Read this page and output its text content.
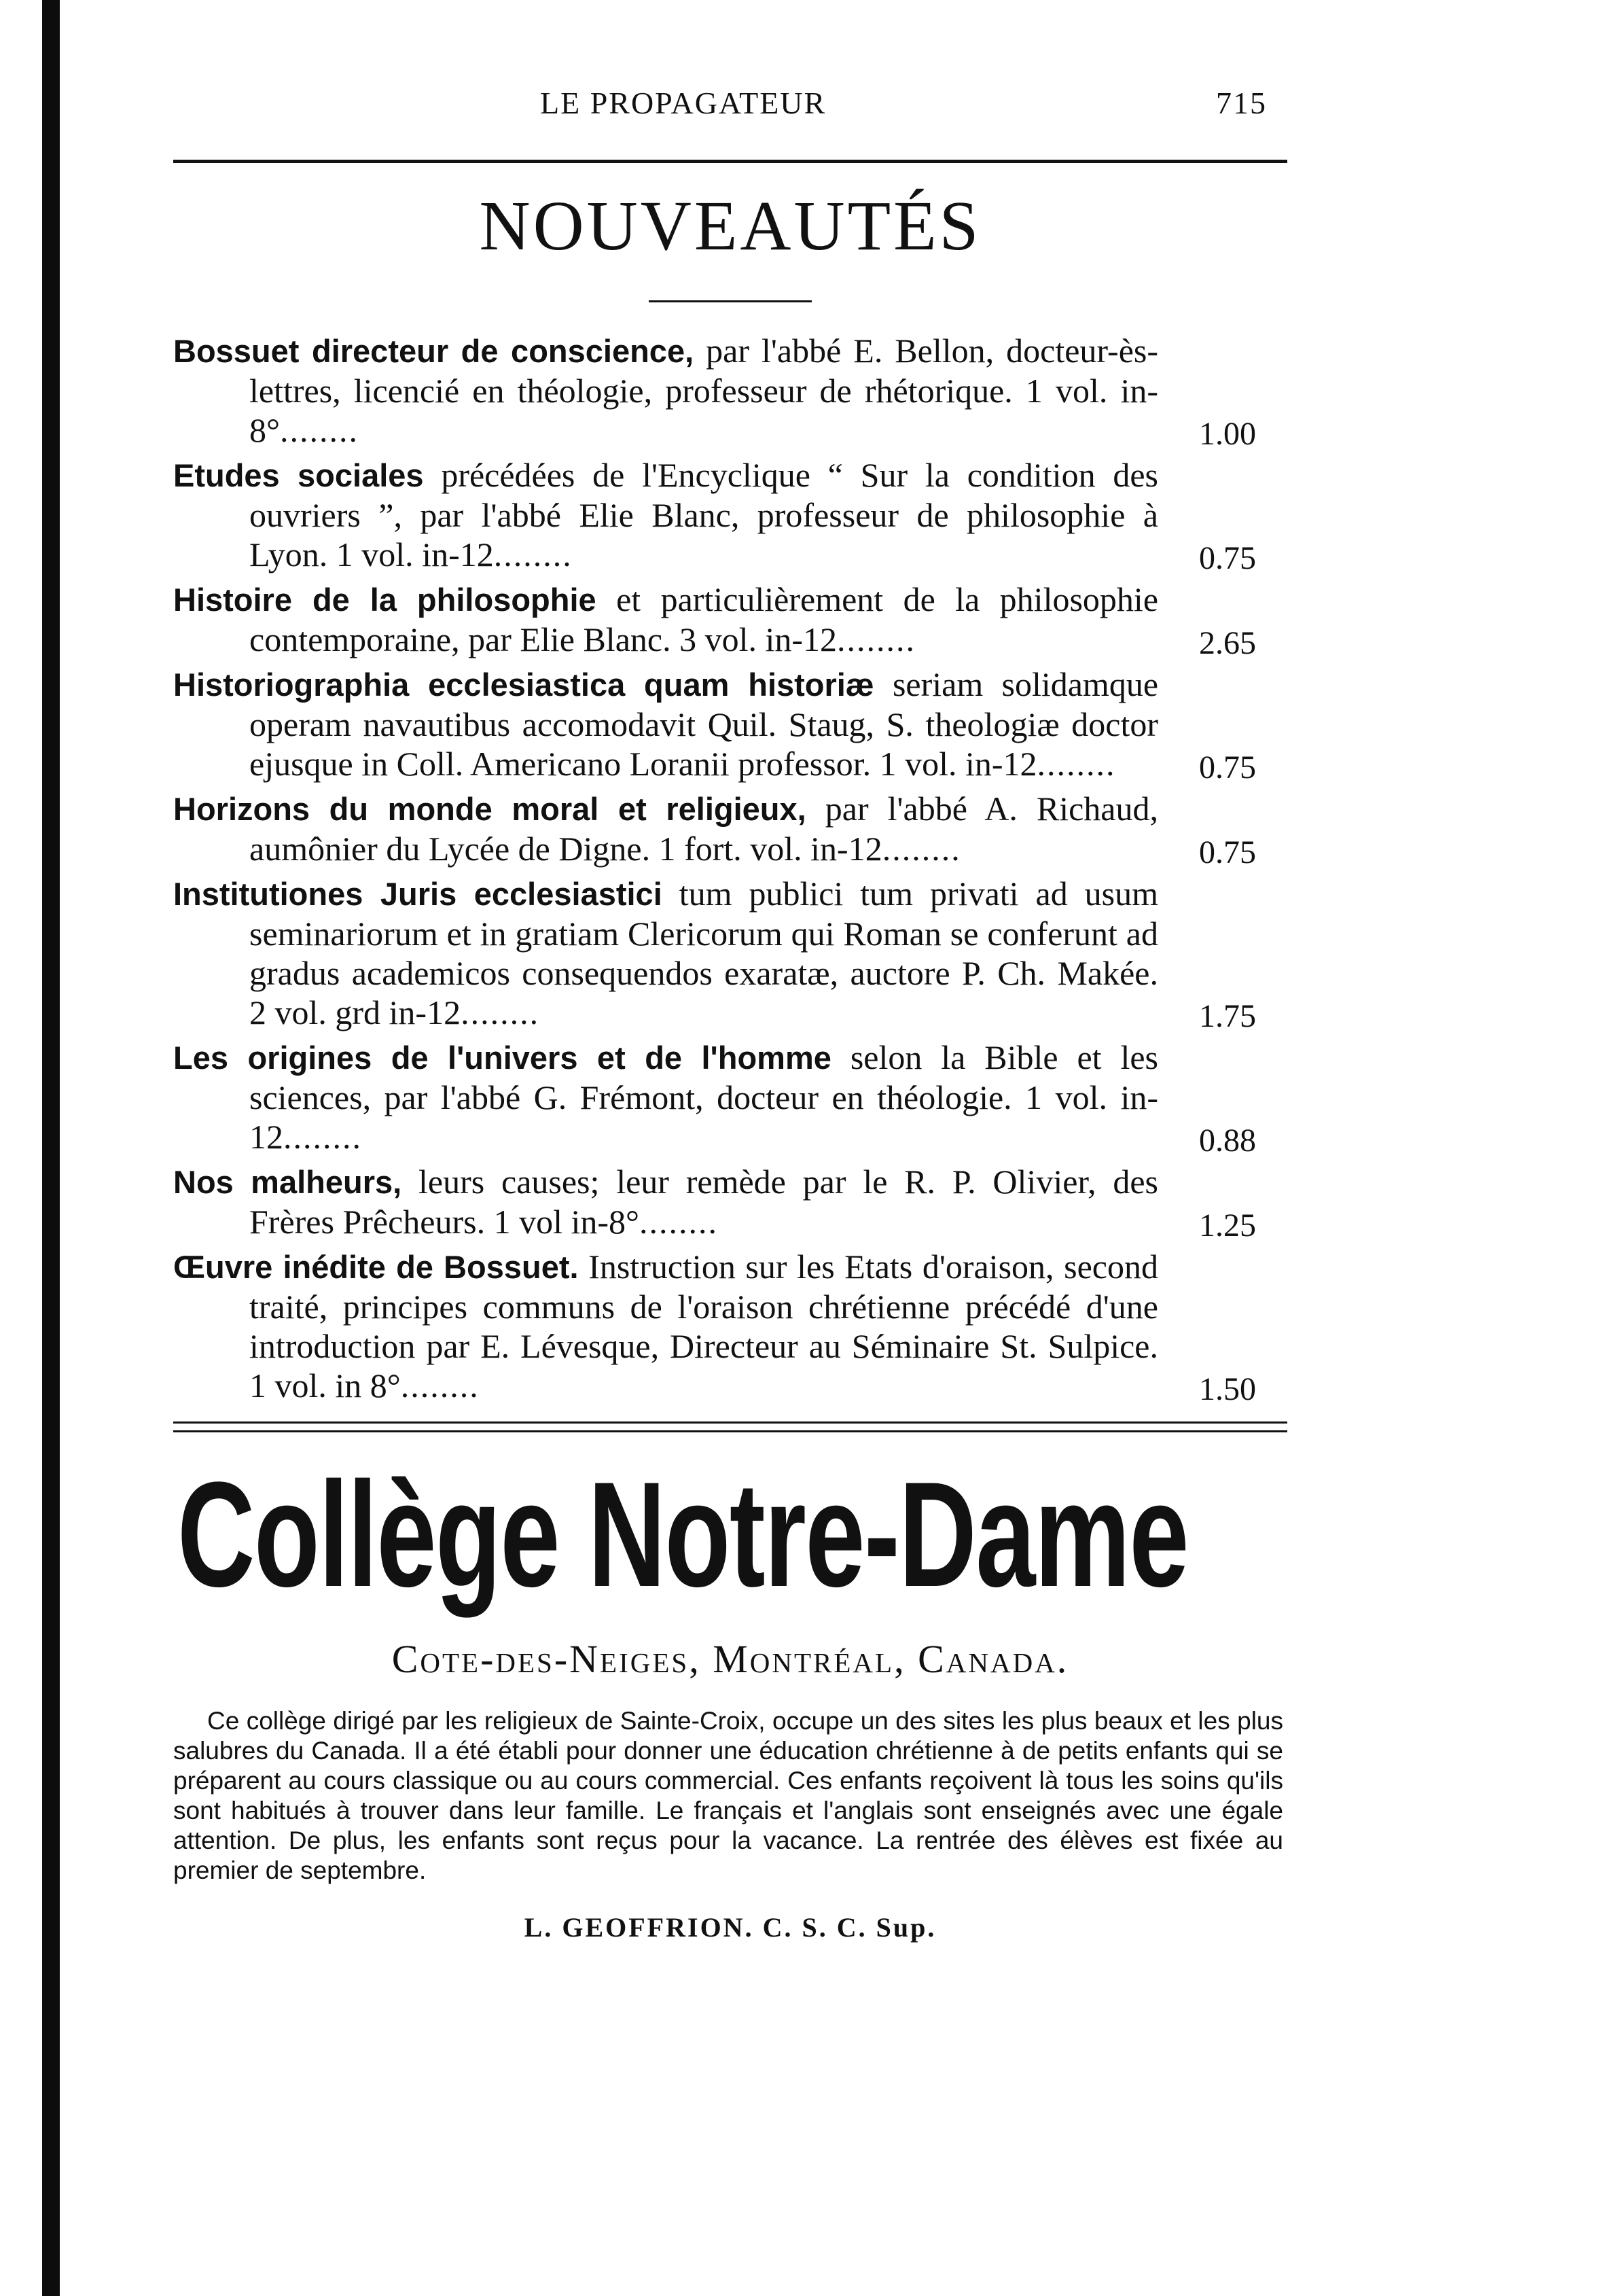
LE PROPAGATEUR	715
NOUVEAUTÉS
Bossuet directeur de conscience, par l'abbé E. Bellon, docteur-ès-lettres, licencié en théologie, professeur de rhétorique. 1 vol. in-8°........	1.00
Etudes sociales précédées de l'Encyclique “ Sur la condition des ouvriers ”, par l'abbé Elie Blanc, professeur de philosophie à Lyon. 1 vol. in-12........	0.75
Histoire de la philosophie et particulièrement de la philosophie contemporaine, par Elie Blanc. 3 vol. in-12........	2.65
Historiographia ecclesiastica quam historiæ seriam solidamque operam navautibus accomodavit Quil. Staug, S. theologiæ doctor ejusque in Coll. Americano Loranii professor. 1 vol. in-12........	0.75
Horizons du monde moral et religieux, par l'abbé A. Richaud, aumônier du Lycée de Digne. 1 fort. vol. in-12........	0.75
Institutiones Juris ecclesiastici tum publici tum privati ad usum seminariorum et in gratiam Clericorum qui Roman se conferunt ad gradus academicos consequendos exaratæ, auctore P. Ch. Makée. 2 vol. grd in-12........	1.75
Les origines de l'univers et de l'homme selon la Bible et les sciences, par l'abbé G. Frémont, docteur en théologie. 1 vol. in-12........	0.88
Nos malheurs, leurs causes; leur remède par le R. P. Olivier, des Frères Prêcheurs. 1 vol in-8°........	1.25
Œuvre inédite de Bossuet. Instruction sur les Etats d'oraison, second traité, principes communs de l'oraison chrétienne précédé d'une introduction par E. Lévesque, Directeur au Séminaire St. Sulpice. 1 vol. in 8°........	1.50
Collège Notre-Dame
Cote-des-Neiges, Montréal, Canada.
Ce collège dirigé par les religieux de Sainte-Croix, occupe un des sites les plus beaux et les plus salubres du Canada. Il a été établi pour donner une éducation chrétienne à de petits enfants qui se préparent au cours classique ou au cours commercial. Ces enfants reçoivent là tous les soins qu'ils sont habitués à trouver dans leur famille. Le français et l'anglais sont enseignés avec une égale attention. De plus, les enfants sont reçus pour la vacance. La rentrée des élèves est fixée au premier de septembre.
L. GEOFFRION. C. S. C. Sup.
